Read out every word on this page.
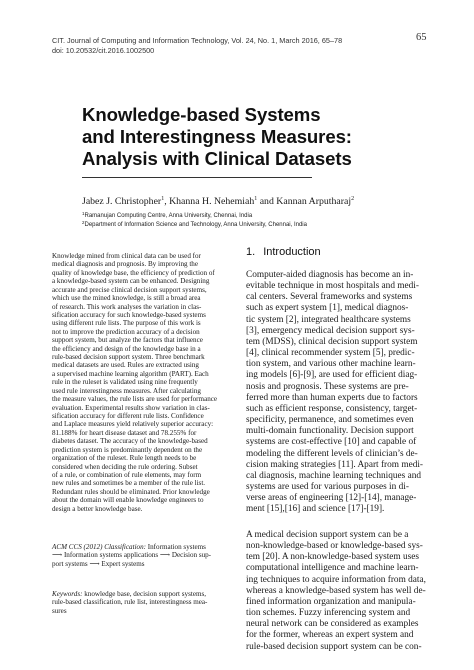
CIT. Journal of Computing and Information Technology, Vol. 24, No. 1, March 2016, 65–78
doi: 10.20532/cit.2016.1002500
65
Knowledge-based Systems
and Interestingness Measures:
Analysis with Clinical Datasets
Jabez J. Christopher$^1$, Khanna H. Nehemiah$^1$ and Kannan Arputharaj$^2$
$^1$Ramanujan Computing Centre, Anna University, Chennai, India
$^2$Department of Information Science and Technology, Anna University, Chennai, India
Knowledge mined from clinical data can be used for
medical diagnosis and prognosis. By improving the
quality of knowledge base, the efficiency of prediction of
a knowledge-based system can be enhanced. Designing
accurate and precise clinical decision support systems,
which use the mined knowledge, is still a broad area
of research. This work analyses the variation in clas-
sification accuracy for such knowledge-based systems
using different rule lists. The purpose of this work is
not to improve the prediction accuracy of a decision
support system, but analyze the factors that influence
the efficiency and design of the knowledge base in a
rule-based decision support system. Three benchmark
medical datasets are used. Rules are extracted using
a supervised machine learning algorithm (PART). Each
rule in the ruleset is validated using nine frequently
used rule interestingness measures. After calculating
the measure values, the rule lists are used for performance
evaluation. Experimental results show variation in clas-
sification accuracy for different rule lists. Confidence
and Laplace measures yield relatively superior accuracy:
81.188% for heart disease dataset and 78.255% for
diabetes dataset. The accuracy of the knowledge-based
prediction system is predominantly dependent on the
organization of the ruleset. Rule length needs to be
considered when deciding the rule ordering. Subset
of a rule, or combination of rule elements, may form
new rules and sometimes be a member of the rule list.
Redundant rules should be eliminated. Prior knowledge
about the domain will enable knowledge engineers to
design a better knowledge base.
ACM CCS (2012) Classification: Information systems
⟶ Information systems applications ⟶ Decision sup-
port systems ⟶ Expert systems
Keywords: knowledge base, decision support systems,
rule-based classification, rule list, interestingness mea-
sures
1. Introduction
Computer-aided diagnosis has become an in-
evitable technique in most hospitals and medi-
cal centers. Several frameworks and systems
such as expert system [1], medical diagnos-
tic system [2], integrated healthcare systems
[3], emergency medical decision support sys-
tem (MDSS), clinical decision support system
[4], clinical recommender system [5], predic-
tion system, and various other machine learn-
ing models [6]-[9], are used for efficient diag-
nosis and prognosis. These systems are pre-
ferred more than human experts due to factors
such as efficient response, consistency, target-
specificity, permanence, and sometimes even
multi-domain functionality. Decision support
systems are cost-effective [10] and capable of
modeling the different levels of clinician’s de-
cision making strategies [11]. Apart from medi-
cal diagnosis, machine learning techniques and
systems are used for various purposes in di-
verse areas of engineering [12]-[14], manage-
ment [15],[16] and science [17]-[19].
A medical decision support system can be a
non-knowledge-based or knowledge-based sys-
tem [20]. A non-knowledge-based system uses
computational intelligence and machine learn-
ing techniques to acquire information from data,
whereas a knowledge-based system has well de-
fined information organization and manipula-
tion schemes. Fuzzy inferencing system and
neural network can be considered as examples
for the former, whereas an expert system and
rule-based decision support system can be con-
